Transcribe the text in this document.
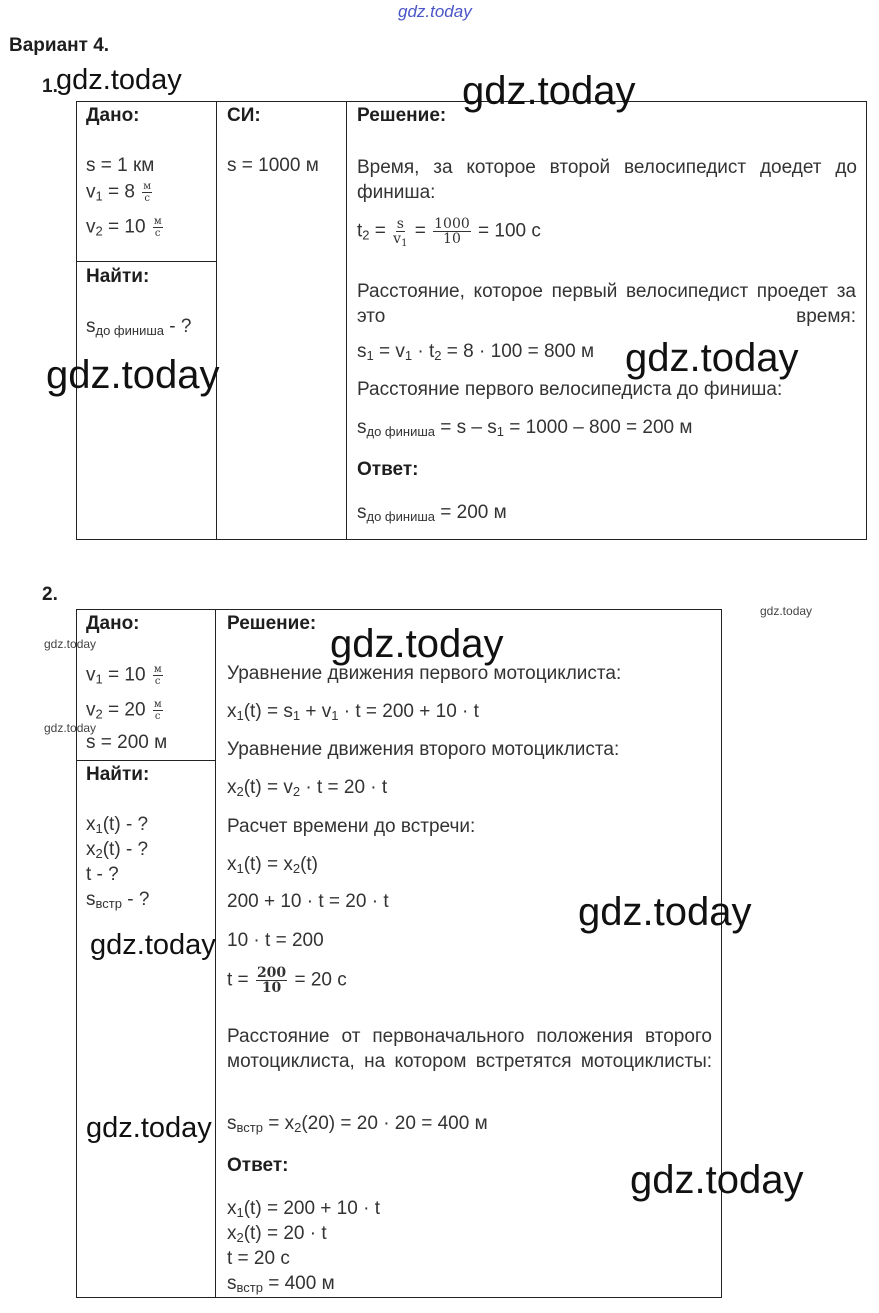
gdz.today
Вариант 4.
1.
Дано:
s = 1 км
$v_1 = 8 \frac{м}{с}$
$v_2 = 10 \frac{м}{с}$
Найти:
$s_{до финиша}$ - ?
СИ:
s = 1000 м
Решение:
Время, за которое второй велосипедист доедет до финиша:
$t_2 = \frac{s}{v_1} = \frac{1000}{10} = 100$ с
Расстояние, которое первый велосипедист проедет за это время:
$s_1 = v_1 \cdot t_2 = 8 \cdot 100 = 800$ м
Расстояние первого велосипедиста до финиша:
$s_{до финиша} = s - s_1 = 1000 - 800 = 200$ м
Ответ:
$s_{до финиша} = 200$ м
2.
Дано:
$v_1 = 10 \frac{м}{с}$
$v_2 = 20 \frac{м}{с}$
s = 200 м
Найти:
$x_1(t)$ - ?
$x_2(t)$ - ?
t - ?
$s_{встр}$ - ?
Решение:
Уравнение движения первого мотоциклиста:
$x_1(t) = s_1 + v_1 \cdot t = 200 + 10 \cdot t$
Уравнение движения второго мотоциклиста:
$x_2(t) = v_2 \cdot t = 20 \cdot t$
Расчет времени до встречи:
$x_1(t) = x_2(t)$
200 + 10 · t = 20 · t
10 · t = 200
$t = \frac{200}{10} = 20$ с
Расстояние от первоначального положения второго мотоциклиста, на котором встретятся мотоциклисты:
$s_{встр} = x_2(20) = 20 \cdot 20 = 400$ м
Ответ:
$x_1(t) = 200 + 10 \cdot t$
$x_2(t) = 20 \cdot t$
t = 20 с
$s_{встр} = 400$ м
gdz.today	gdz.today
gdz.today	gdz.today
gdz.today
gdz.today
gdz.today
gdz.today
gdz.today
gdz.today
gdz.today
gdz.today
